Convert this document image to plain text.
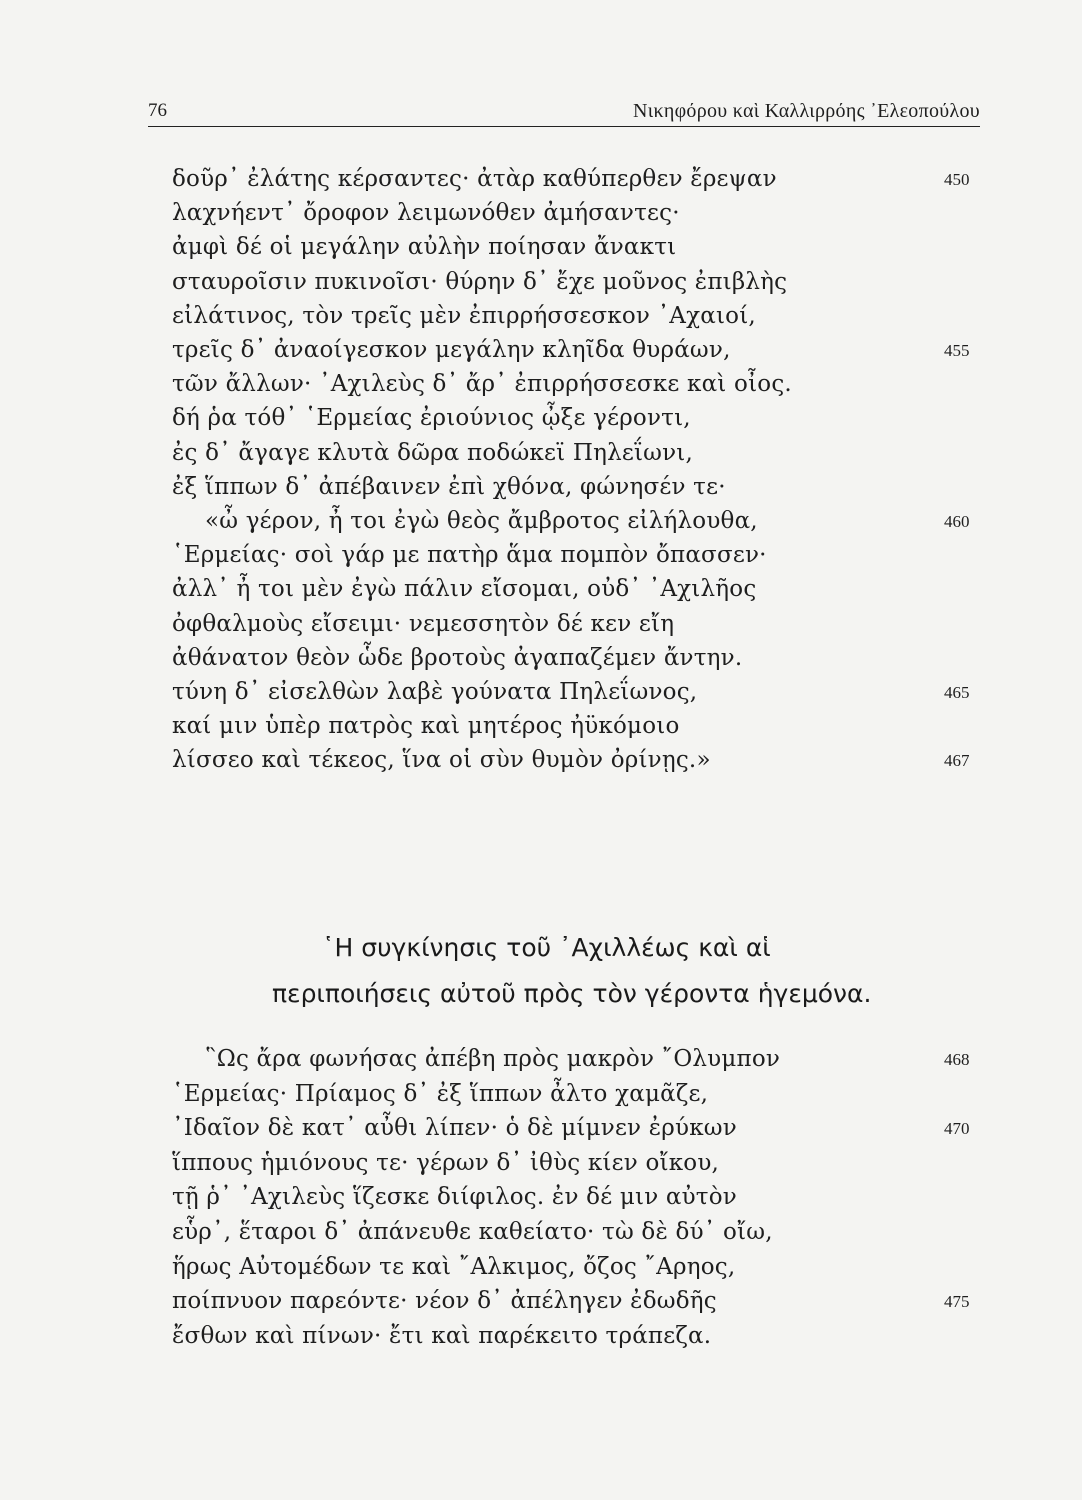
76	Νικηφόρου καὶ Καλλιρρόης ᾿Ελεοπούλου
δοῦρ᾽ ἐλάτης κέρσαντες· ἀτὰρ καθύπερθεν ἔρεψαν	450
λαχνήεντ᾽ ὄροφον λειμωνόθεν ἀμήσαντες·
ἀμφὶ δέ οἱ μεγάλην αὐλὴν ποίησαν ἄνακτι
σταυροῖσιν πυκινοῖσι· θύρην δ᾽ ἔχε μοῦνος ἐπιβλὴς
εἰλάτινος, τὸν τρεῖς μὲν ἐπιρρήσσεσκον ᾿Αχαιοί,
τρεῖς δ᾽ ἀναοίγεσκον μεγάλην κληῖδα θυράων,	455
τῶν ἄλλων· ᾿Αχιλεὺς δ᾽ ἄρ᾽ ἐπιρρήσσεσκε καὶ οἶος.
δή ῥα τόθ᾽ ῾Ερμείας ἐριούνιος ᾦξε γέροντι,
ἐς δ᾽ ἄγαγε κλυτὰ δῶρα ποδώκεϊ Πηλεΐωνι,
ἐξ ἵππων δ᾽ ἀπέβαινεν ἐπὶ χθόνα, φώνησέν τε·
«ὦ γέρον, ἦ τοι ἐγὼ θεὸς ἄμβροτος εἰλήλουθα,	460
῾Ερμείας· σοὶ γάρ με πατὴρ ἅμα πομπὸν ὄπασσεν·
ἀλλ᾽ ἦ τοι μὲν ἐγὼ πάλιν εἴσομαι, οὐδ᾽ ᾿Αχιλῆος
ὀφθαλμοὺς εἴσειμι· νεμεσσητὸν δέ κεν εἴη
ἀθάνατον θεὸν ὧδε βροτοὺς ἀγαπαζέμεν ἄντην.
τύνη δ᾽ εἰσελθὼν λαβὲ γούνατα Πηλεΐωνος,	465
καί μιν ὑπὲρ πατρὸς καὶ μητέρος ἠϋκόμοιο
λίσσεο καὶ τέκεος, ἵνα οἱ σὺν θυμὸν ὀρίνῃς.»	467
῝Ως ἄρα φωνήσας ἀπέβη πρὸς μακρὸν ῎Ολυμπον	468
῾Ερμείας· Πρίαμος δ᾽ ἐξ ἵππων ἆλτο χαμᾶζε,
᾿Ιδαῖον δὲ κατ᾽ αὖθι λίπεν· ὁ δὲ μίμνεν ἐρύκων	470
ἵππους ἡμιόνους τε· γέρων δ᾽ ἰθὺς κίεν οἴκου,
τῇ ῥ᾽ ᾿Αχιλεὺς ἵζεσκε διίφιλος. ἐν δέ μιν αὐτὸν
εὗρ᾽, ἕταροι δ᾽ ἀπάνευθε καθείατο· τὼ δὲ δύ᾽ οἴω,
ἥρως Αὐτομέδων τε καὶ ῎Αλκιμος, ὄζος ῎Αρηος,
ποίπνυον παρεόντε· νέον δ᾽ ἀπέληγεν ἐδωδῆς	475
ἔσθων καὶ πίνων· ἔτι καὶ παρέκειτο τράπεζα.
῾Η συγκίνησις τοῦ ᾿Αχιλλέως καὶ αἱ
περιποιήσεις αὐτοῦ πρὸς τὸν γέροντα ἡγεμόνα.
